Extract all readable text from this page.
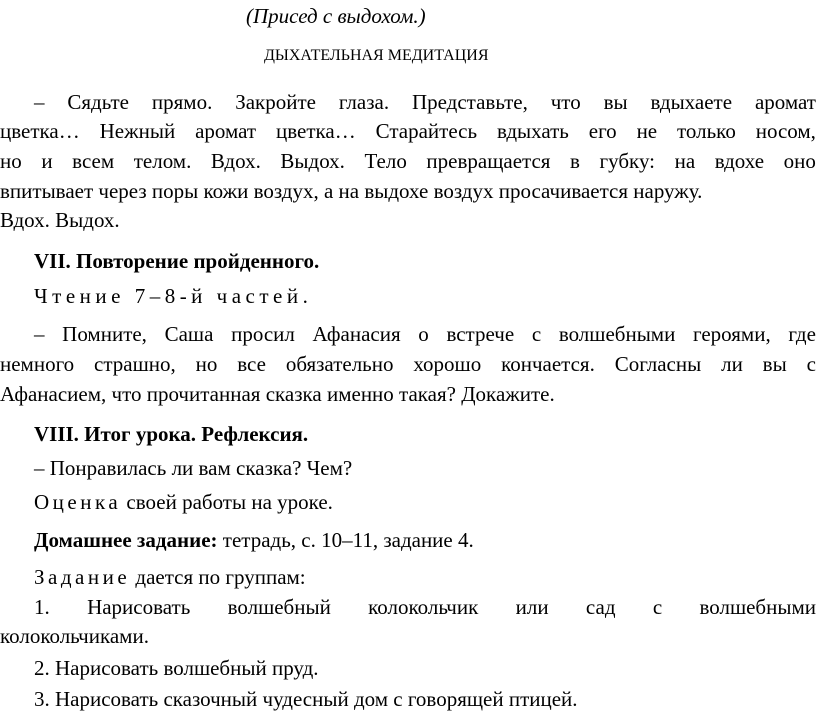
(Присед с выдохом.)
ДЫХАТЕЛЬНАЯ МЕДИТАЦИЯ
– Сядьте прямо. Закройте глаза. Представьте, что вы вдыхаете аромат
цветка… Нежный аромат цветка… Старайтесь вдыхать его не только носом,
но и всем телом. Вдох. Выдох. Тело превращается в губку: на вдохе оно
впитывает через поры кожи воздух, а на выдохе воздух просачивается наружу.
Вдох. Выдох.
VII. Повторение пройденного.
Чтение 7–8-й частей.
– Помните, Саша просил Афанасия о встрече с волшебными героями, где
немного страшно, но все обязательно хорошо кончается. Согласны ли вы с
Афанасием, что прочитанная сказка именно такая? Докажите.
VIII. Итог урока. Рефлексия.
– Понравилась ли вам сказка? Чем?
Оценка своей работы на уроке.
Домашнее задание: тетрадь, с. 10–11, задание 4.
Задание дается по группам:
1. Нарисовать волшебный колокольчик или сад с волшебными
колокольчиками.
2. Нарисовать волшебный пруд.
3. Нарисовать сказочный чудесный дом с говорящей птицей.
